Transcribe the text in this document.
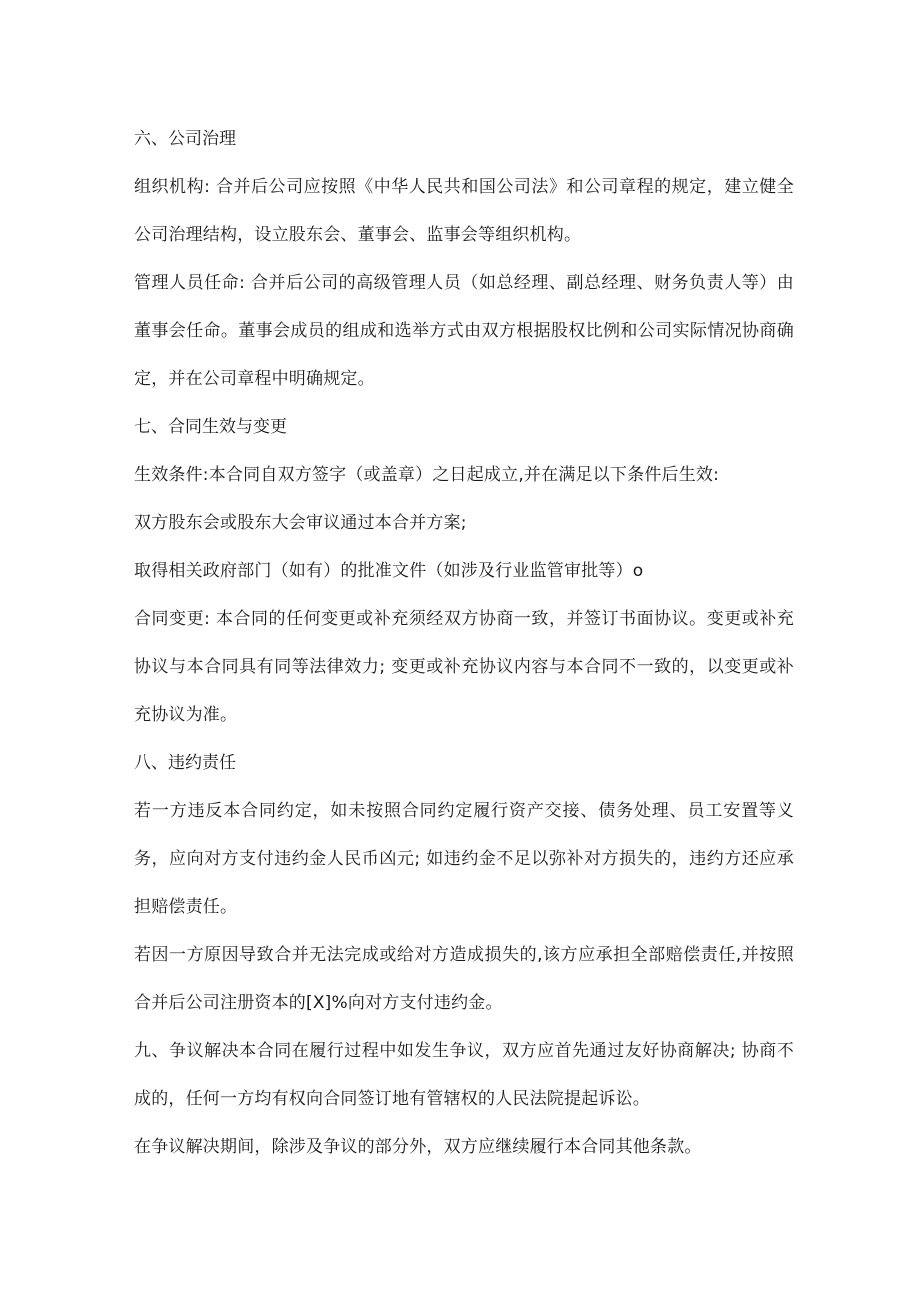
六、公司治理

组织机构: 合并后公司应按照《中华人民共和国公司法》和公司章程的规定，建立健全公司治理结构，设立股东会、董事会、监事会等组织机构。

管理人员任命: 合并后公司的高级管理人员（如总经理、副总经理、财务负责人等）由董事会任命。董事会成员的组成和选举方式由双方根据股权比例和公司实际情况协商确定，并在公司章程中明确规定。

七、合同生效与变更

生效条件:本合同自双方签字（或盖章）之日起成立,并在满足以下条件后生效:

双方股东会或股东大会审议通过本合并方案;

取得相关政府部门（如有）的批准文件（如涉及行业监管审批等）o

合同变更: 本合同的任何变更或补充须经双方协商一致，并签订书面协议。变更或补充协议与本合同具有同等法律效力; 变更或补充协议内容与本合同不一致的，以变更或补充协议为准。

八、违约责任

若一方违反本合同约定，如未按照合同约定履行资产交接、债务处理、员工安置等义务，应向对方支付违约金人民币凶元; 如违约金不足以弥补对方损失的，违约方还应承担赔偿责任。

若因一方原因导致合并无法完成或给对方造成损失的,该方应承担全部赔偿责任,并按照合并后公司注册资本的[X]%向对方支付违约金。

九、争议解决本合同在履行过程中如发生争议，双方应首先通过友好协商解决; 协商不成的，任何一方均有权向合同签订地有管辖权的人民法院提起诉讼。

在争议解决期间，除涉及争议的部分外，双方应继续履行本合同其他条款。
